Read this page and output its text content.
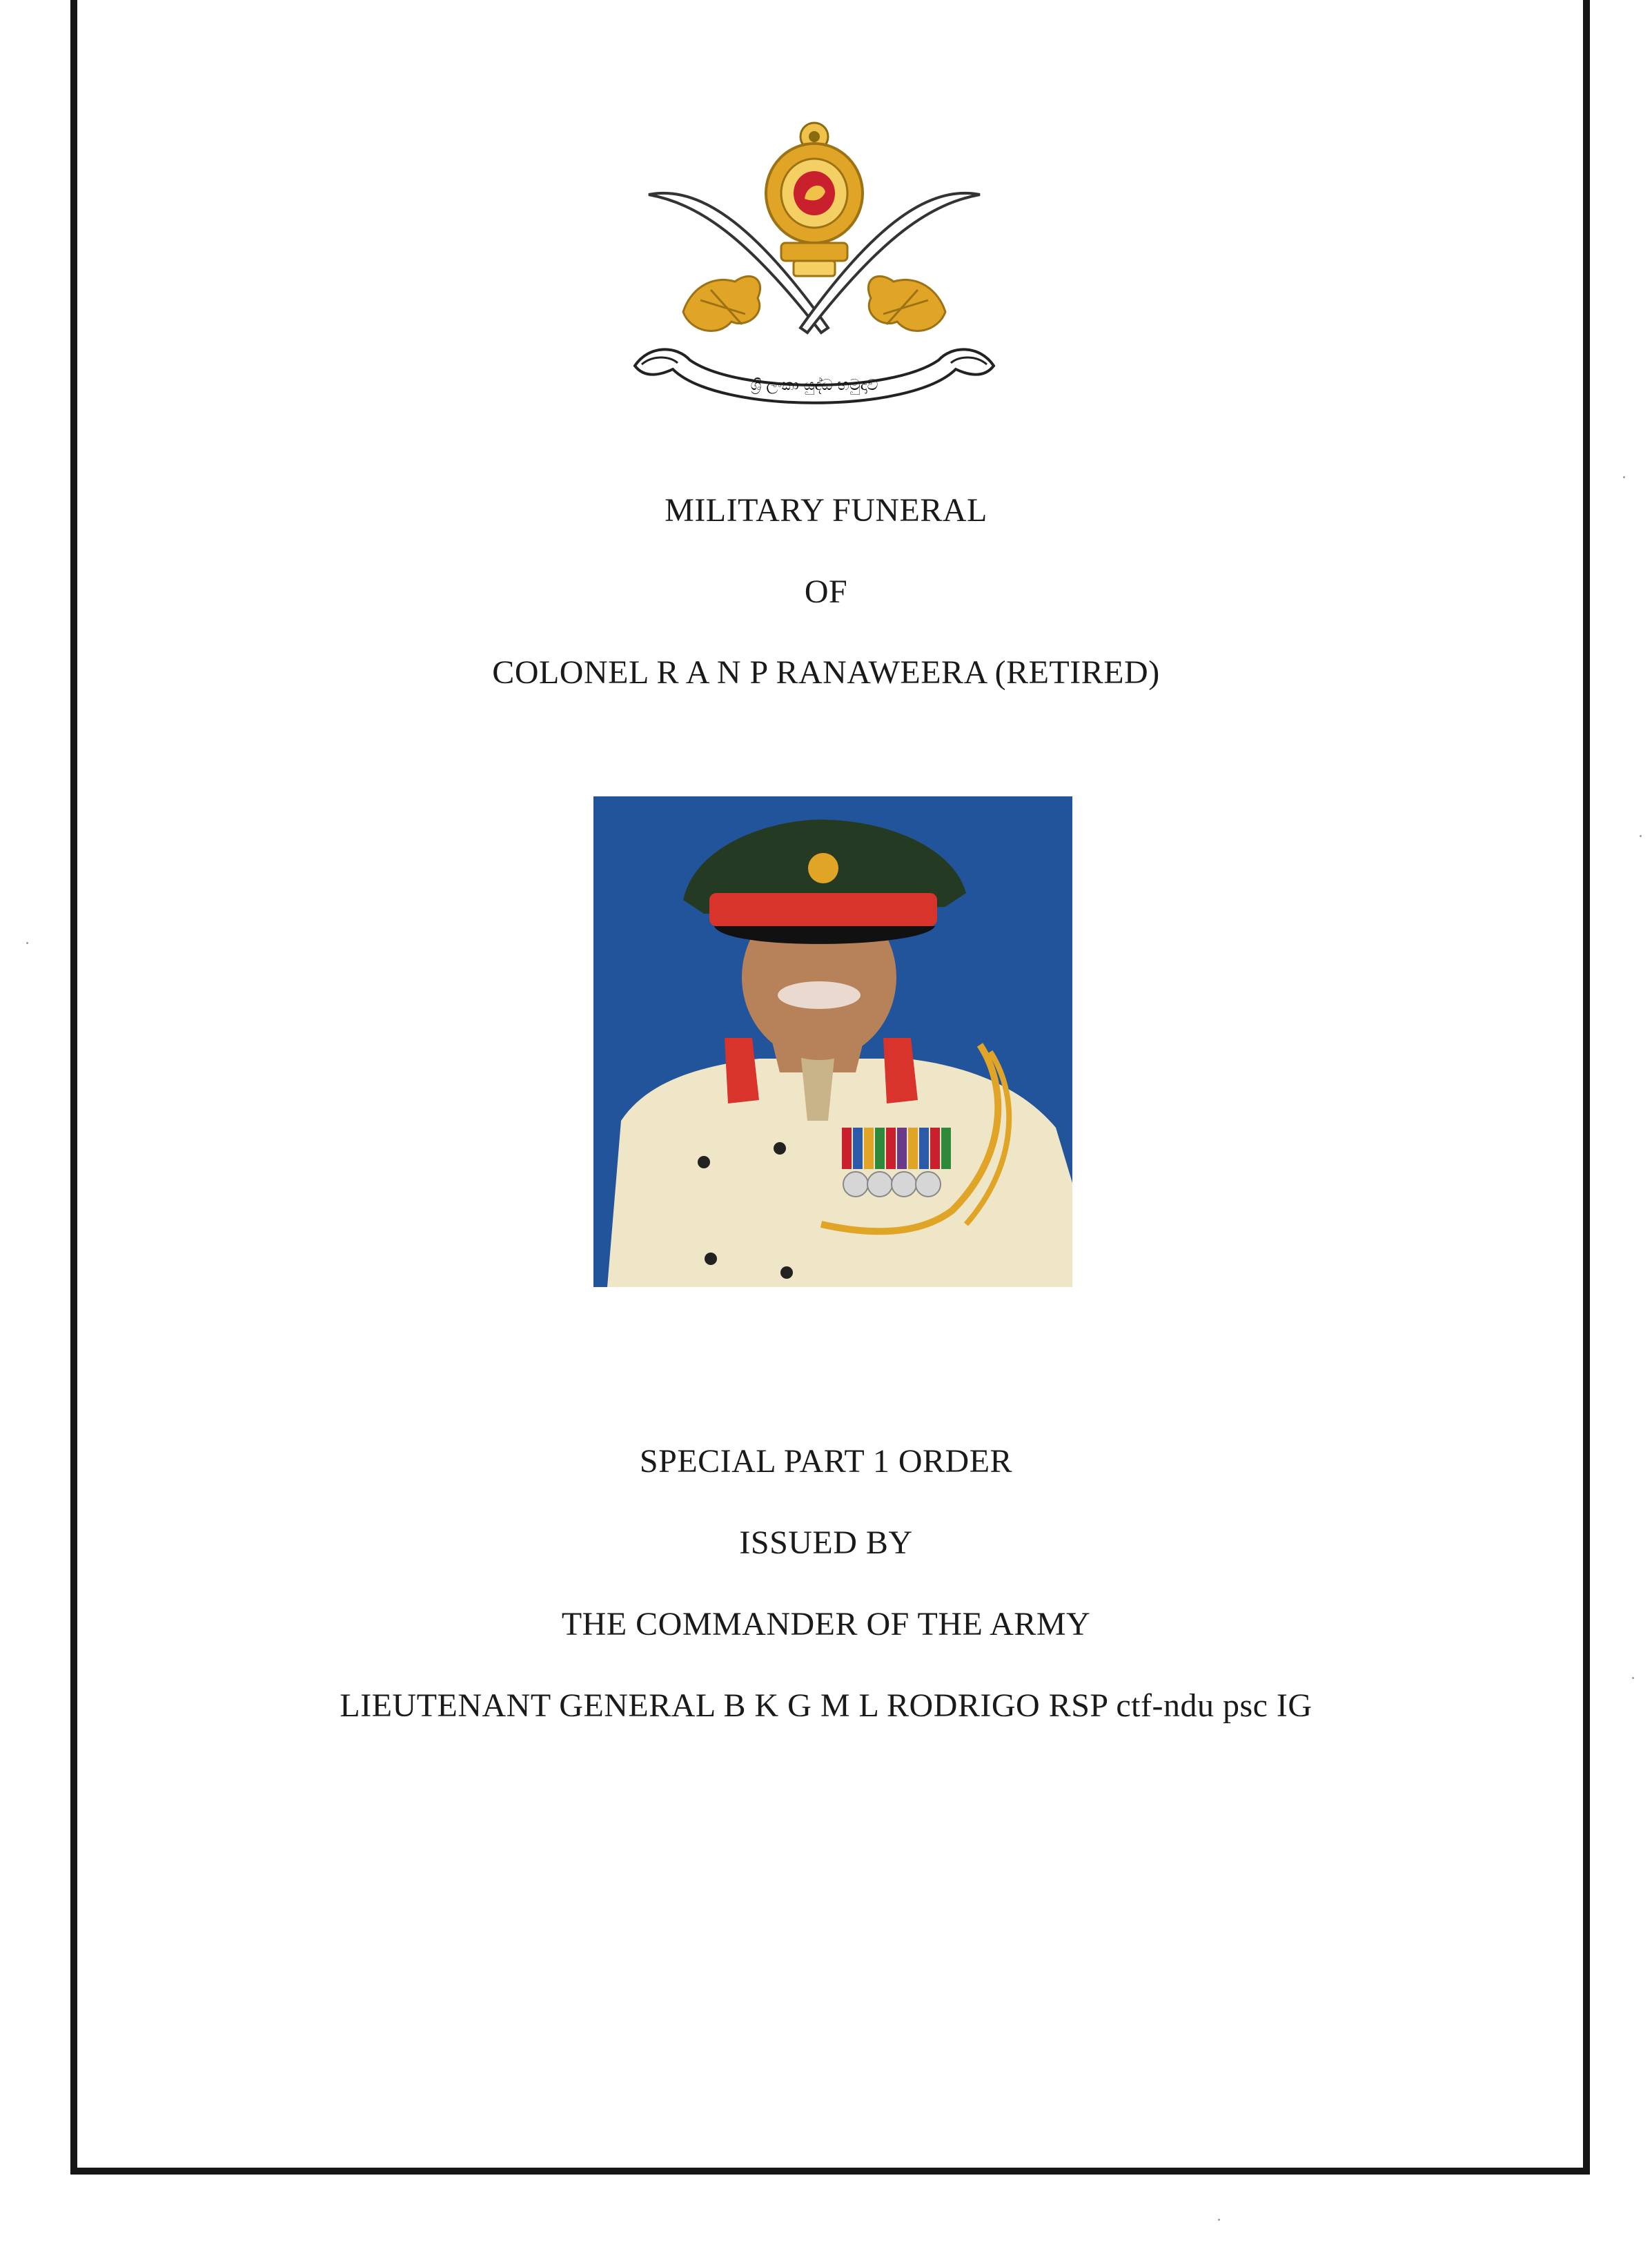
ශ්‍රී ලංකා යුද්ධ හමුදාව
MILITARY FUNERAL
OF
COLONEL R A N P RANAWEERA (RETIRED)
SPECIAL PART 1 ORDER
ISSUED BY
THE COMMANDER OF THE ARMY
LIEUTENANT GENERAL B K G M L RODRIGO RSP ctf-ndu psc IG
